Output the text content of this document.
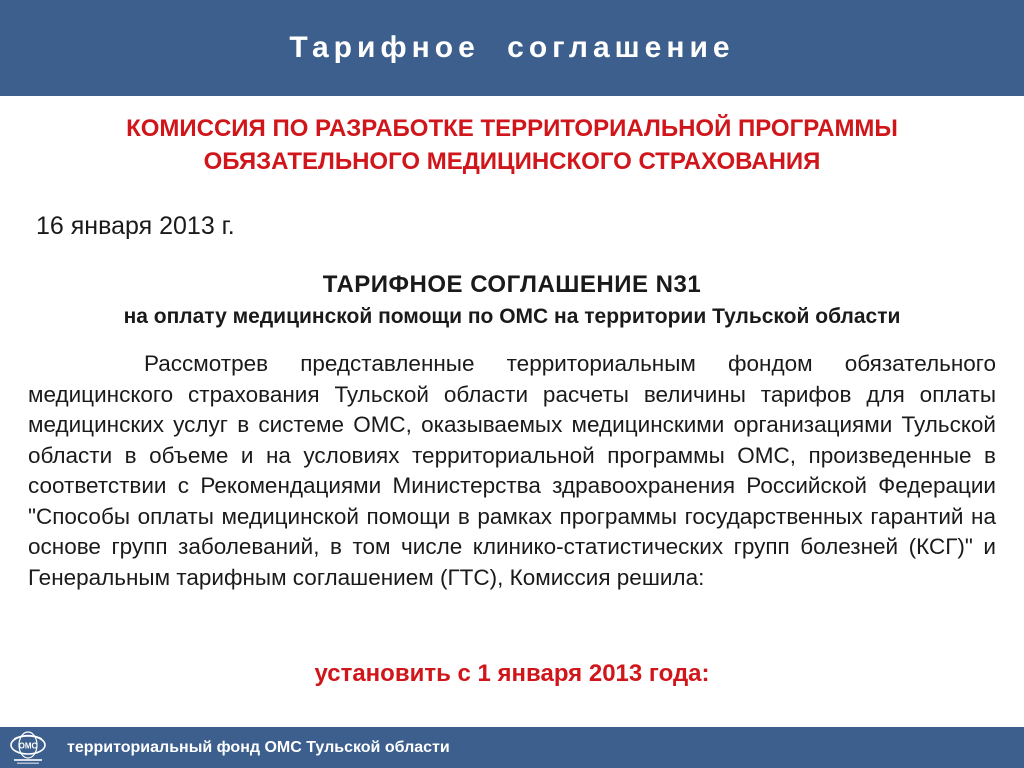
Тарифное соглашение
КОМИССИЯ ПО РАЗРАБОТКЕ ТЕРРИТОРИАЛЬНОЙ ПРОГРАММЫ
ОБЯЗАТЕЛЬНОГО МЕДИЦИНСКОГО СТРАХОВАНИЯ
16 января 2013 г.
ТАРИФНОЕ СОГЛАШЕНИЕ N31
на оплату медицинской помощи по ОМС на территории Тульской области
Рассмотрев представленные территориальным фондом обязательного медицинского страхования Тульской области расчеты величины тарифов для оплаты медицинских услуг в системе ОМС, оказываемых медицинскими организациями Тульской области в объеме и на условиях территориальной программы ОМС, произведенные в соответствии с Рекомендациями Министерства здравоохранения Российской Федерации "Способы оплаты медицинской помощи в рамках программы государственных гарантий на основе групп заболеваний, в том числе клинико-статистических групп болезней (КСГ)" и Генеральным тарифным соглашением (ГТС), Комиссия решила:
установить с 1 января 2013 года:
OMC территориальный фонд ОМС Тульской области
